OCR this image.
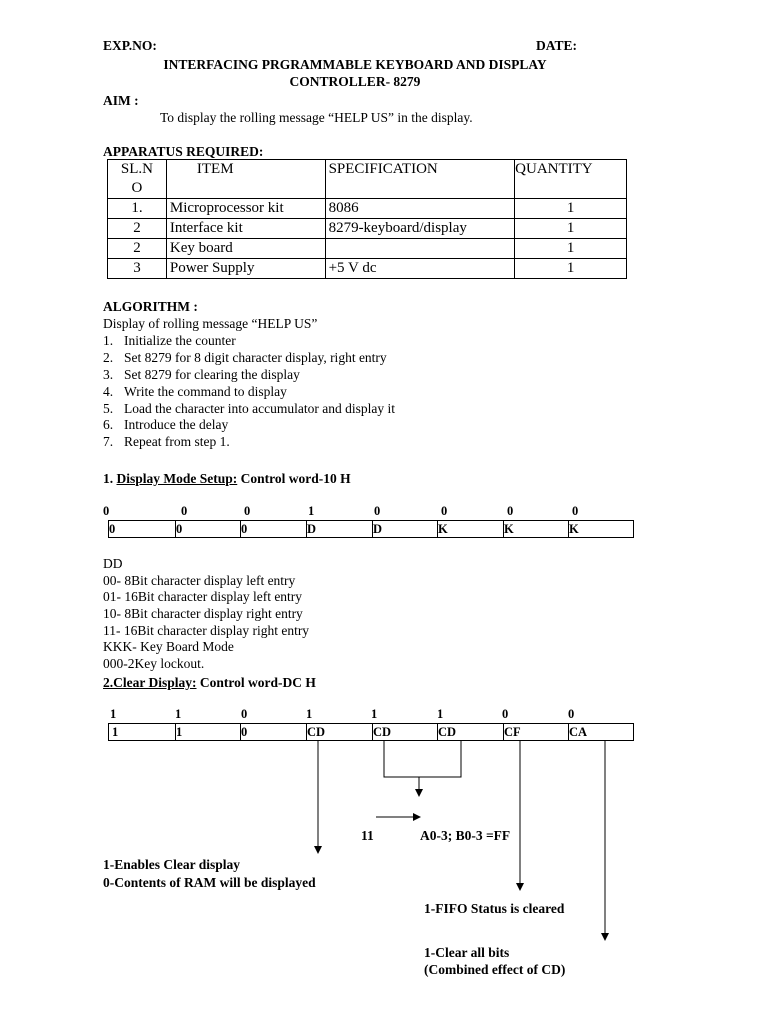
EXP.NO:	DATE:
INTERFACING PRGRAMMABLE KEYBOARD AND DISPLAY
CONTROLLER- 8279
AIM :
To display the rolling message “HELP US” in the display.
APPARATUS REQUIRED:
SL.N
O	ITEM	SPECIFICATION	QUANTITY
1.	Microprocessor kit	8086	1
2	Interface kit	8279-keyboard/display	1
2	Key board		1
3	Power Supply	+5 V dc	1
ALGORITHM :
Display of rolling message “HELP US”
1. Initialize the counter
2. Set 8279 for 8 digit character display, right entry
3. Set 8279 for clearing the display
4. Write the command to display
5. Load the character into accumulator and display it
6. Introduce the delay
7. Repeat from step 1.
1. Display Mode Setup: Control word-10 H
0	0	0	1	0	0	0	0
0	0	0	D	D	K	K	K
DD
00- 8Bit character display left entry
01- 16Bit character display left entry
10- 8Bit character display right entry
11- 16Bit character display right entry
KKK- Key Board Mode
000-2Key lockout.
2.Clear Display: Control word-DC H
1	1	0	1	1	1	0	0
1	1	0	CD	CD	CD	CF	CA
11	A0-3; B0-3 =FF
1-Enables Clear display
0-Contents of RAM will be displayed
1-FIFO Status is cleared
1-Clear all bits
(Combined effect of CD)
